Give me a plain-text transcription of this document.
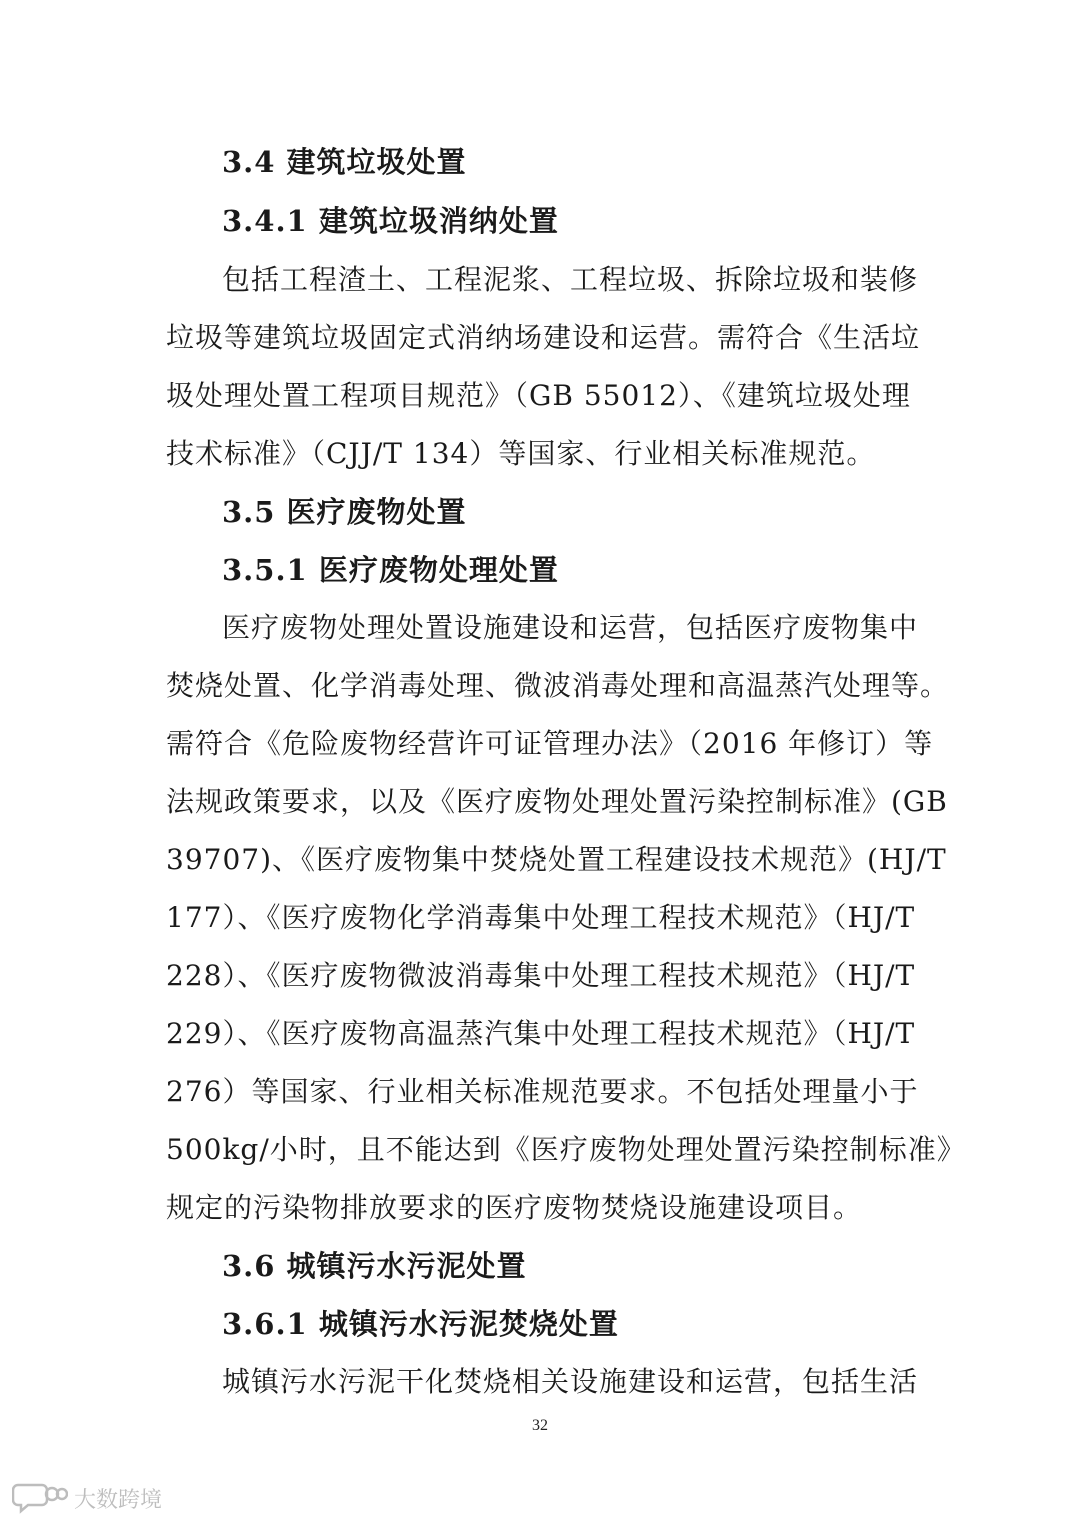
3.4 建筑垃圾处置
3.4.1 建筑垃圾消纳处置
包括工程渣土、工程泥浆、工程垃圾、拆除垃圾和装修
垃圾等建筑垃圾固定式消纳场建设和运营。需符合《生活垃
圾处理处置工程项目规范》（GB 55012）、《建筑垃圾处理
技术标准》（CJJ/T 134）等国家、行业相关标准规范。
3.5 医疗废物处置
3.5.1 医疗废物处理处置
医疗废物处理处置设施建设和运营，包括医疗废物集中
焚烧处置、化学消毒处理、微波消毒处理和高温蒸汽处理等。
需符合《危险废物经营许可证管理办法》（2016 年修订）等
法规政策要求，以及《医疗废物处理处置污染控制标准》(GB
39707)、《医疗废物集中焚烧处置工程建设技术规范》(HJ/T
177）、《医疗废物化学消毒集中处理工程技术规范》（HJ/T
228）、《医疗废物微波消毒集中处理工程技术规范》（HJ/T
229）、《医疗废物高温蒸汽集中处理工程技术规范》（HJ/T
276）等国家、行业相关标准规范要求。不包括处理量小于
500kg/小时，且不能达到《医疗废物处理处置污染控制标准》
规定的污染物排放要求的医疗废物焚烧设施建设项目。
3.6 城镇污水污泥处置
3.6.1 城镇污水污泥焚烧处置
城镇污水污泥干化焚烧相关设施建设和运营，包括生活
32
大数跨境
